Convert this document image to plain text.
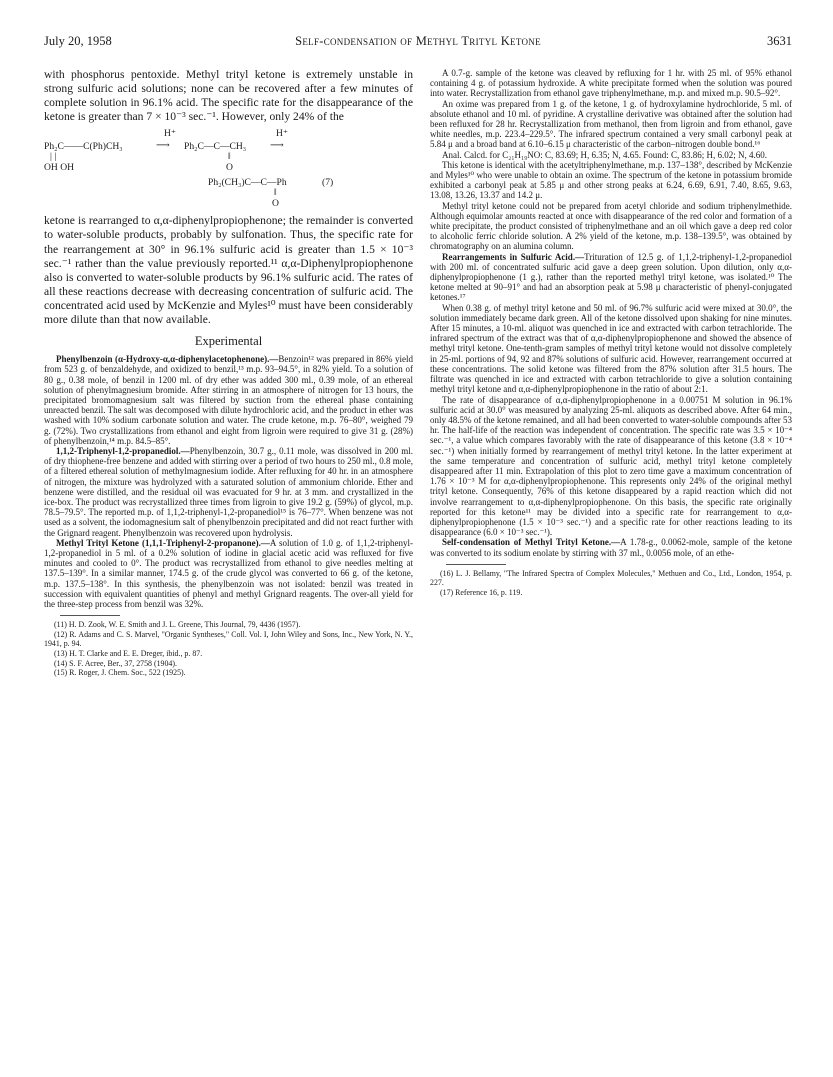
July 20, 1958	Self-condensation of Methyl Trityl Ketone	3631

with phosphorus pentoxide. Methyl trityl ketone is extremely unstable in strong sulfuric acid solutions; none can be recovered after a few minutes of complete solution in 96.1% acid. The specific rate for the disappearance of the ketone is greater than 7 × 10⁻³ sec.⁻¹. However, only 24% of the

H⁺	H⁺
Ph₂C——C(Ph)CH₃	⟶ Ph₂C—C—CH₃ ⟶
| |
OH OH
‖
O
Ph₂(CH₃)C—C—Ph	(7)
‖
O

ketone is rearranged to α,α-diphenylpropiophenone; the remainder is converted to water-soluble products, probably by sulfonation. Thus, the specific rate for the rearrangement at 30° in 96.1% sulfuric acid is greater than 1.5 × 10⁻³ sec.⁻¹ rather than the value previously reported.¹¹ α,α-Diphenylpropiophenone also is converted to water-soluble products by 96.1% sulfuric acid. The rates of all these reactions decrease with decreasing concentration of sulfuric acid. The concentrated acid used by McKenzie and Myles¹⁰ must have been considerably more dilute than that now available.

Experimental

Phenylbenzoin (α-Hydroxy-α,α-diphenylacetophenone).—Benzoin¹² was prepared in 86% yield from 523 g. of benzaldehyde, and oxidized to benzil,¹³ m.p. 93–94.5°, in 82% yield. To a solution of 80 g., 0.38 mole, of benzil in 1200 ml. of dry ether was added 300 ml., 0.39 mole, of an ethereal solution of phenylmagnesium bromide. After stirring in an atmosphere of nitrogen for 13 hours, the precipitated bromomagnesium salt was filtered by suction from the ethereal phase containing unreacted benzil. The salt was decomposed with dilute hydrochloric acid, and the product in ether was washed with 10% sodium carbonate solution and water. The crude ketone, m.p. 76–80°, weighed 79 g. (72%). Two crystallizations from ethanol and eight from ligroin were required to give 31 g. (28%) of phenylbenzoin,¹⁴ m.p. 84.5–85°.

1,1,2-Triphenyl-1,2-propanediol.—Phenylbenzoin, 30.7 g., 0.11 mole, was dissolved in 200 ml. of dry thiophene-free benzene and added with stirring over a period of two hours to 250 ml., 0.8 mole, of a filtered ethereal solution of methylmagnesium iodide. After refluxing for 40 hr. in an atmosphere of nitrogen, the mixture was hydrolyzed with a saturated solution of ammonium chloride. Ether and benzene were distilled, and the residual oil was evacuated for 9 hr. at 3 mm. and crystallized in the ice-box. The product was recrystallized three times from ligroin to give 19.2 g. (59%) of glycol, m.p. 78.5–79.5°. The reported m.p. of 1,1,2-triphenyl-1,2-propanediol¹⁵ is 76–77°. When benzene was not used as a solvent, the iodomagnesium salt of phenylbenzoin precipitated and did not react further with the Grignard reagent. Phenylbenzoin was recovered upon hydrolysis.

Methyl Trityl Ketone (1,1,1-Triphenyl-2-propanone).—A solution of 1.0 g. of 1,1,2-triphenyl-1,2-propanediol in 5 ml. of a 0.2% solution of iodine in glacial acetic acid was refluxed for five minutes and cooled to 0°. The product was recrystallized from ethanol to give needles melting at 137.5–139°. In a similar manner, 174.5 g. of the crude glycol was converted to 66 g. of the ketone, m.p. 137.5–138°. In this synthesis, the phenylbenzoin was not isolated: benzil was treated in succession with equivalent quantities of phenyl and methyl Grignard reagents. The over-all yield for the three-step process from benzil was 32%.

(11) H. D. Zook, W. E. Smith and J. L. Greene, This Journal, 79, 4436 (1957).

(12) R. Adams and C. S. Marvel, "Organic Syntheses," Coll. Vol. I, John Wiley and Sons, Inc., New York, N. Y., 1941, p. 94.

(13) H. T. Clarke and E. E. Dreger, ibid., p. 87.

(14) S. F. Acree, Ber., 37, 2758 (1904).

(15) R. Roger, J. Chem. Soc., 522 (1925).

A 0.7-g. sample of the ketone was cleaved by refluxing for 1 hr. with 25 ml. of 95% ethanol containing 4 g. of potassium hydroxide. A white precipitate formed when the solution was poured into water. Recrystallization from ethanol gave triphenylmethane, m.p. and mixed m.p. 90.5–92°.

An oxime was prepared from 1 g. of the ketone, 1 g. of hydroxylamine hydrochloride, 5 ml. of absolute ethanol and 10 ml. of pyridine. A crystalline derivative was obtained after the solution had been refluxed for 28 hr. Recrystallization from methanol, then from ligroin and from ethanol, gave white needles, m.p. 223.4–229.5°. The infrared spectrum contained a very small carbonyl peak at 5.84 μ and a broad band at 6.10–6.15 μ characteristic of the carbon–nitrogen double bond.¹⁶

Anal. Calcd. for C₂₁H₁₉NO: C, 83.69; H, 6.35; N, 4.65. Found: C, 83.86; H, 6.02; N, 4.60.

This ketone is identical with the acetyltriphenylmethane, m.p. 137–138°, described by McKenzie and Myles¹⁰ who were unable to obtain an oxime. The spectrum of the ketone in potassium bromide exhibited a carbonyl peak at 5.85 μ and other strong peaks at 6.24, 6.69, 6.91, 7.40, 8.65, 9.63, 13.08, 13.26, 13.37 and 14.2 μ.

Methyl trityl ketone could not be prepared from acetyl chloride and sodium triphenylmethide. Although equimolar amounts reacted at once with disappearance of the red color and formation of a white precipitate, the product consisted of triphenylmethane and an oil which gave a deep red color to alcoholic ferric chloride solution. A 2% yield of the ketone, m.p. 138–139.5°, was obtained by chromatography on an alumina column.

Rearrangements in Sulfuric Acid.—Trituration of 12.5 g. of 1,1,2-triphenyl-1,2-propanediol with 200 ml. of concentrated sulfuric acid gave a deep green solution. Upon dilution, only α,α-diphenylpropiophenone (1 g.), rather than the reported methyl trityl ketone, was isolated.¹⁰ The ketone melted at 90–91° and had an absorption peak at 5.98 μ characteristic of phenyl-conjugated ketones.¹⁷

When 0.38 g. of methyl trityl ketone and 50 ml. of 96.7% sulfuric acid were mixed at 30.0°, the solution immediately became dark green. All of the ketone dissolved upon shaking for nine minutes. After 15 minutes, a 10-ml. aliquot was quenched in ice and extracted with carbon tetrachloride. The infrared spectrum of the extract was that of α,α-diphenylpropiophenone and showed the absence of methyl trityl ketone. One-tenth-gram samples of methyl trityl ketone would not dissolve completely in 25-ml. portions of 94, 92 and 87% solutions of sulfuric acid. However, rearrangement occurred at these concentrations. The solid ketone was filtered from the 87% solution after 31.5 hours. The filtrate was quenched in ice and extracted with carbon tetrachloride to give a solution containing methyl trityl ketone and α,α-diphenylpropiophenone in the ratio of about 2:1.

The rate of disappearance of α,α-diphenylpropiophenone in a 0.00751 M solution in 96.1% sulfuric acid at 30.0° was measured by analyzing 25-ml. aliquots as described above. After 64 min., only 48.5% of the ketone remained, and all had been converted to water-soluble compounds after 53 hr. The half-life of the reaction was independent of concentration. The specific rate was 3.5 × 10⁻⁴ sec.⁻¹, a value which compares favorably with the rate of disappearance of this ketone (3.8 × 10⁻⁴ sec.⁻¹) when initially formed by rearrangement of methyl trityl ketone. In the latter experiment at the same temperature and concentration of sulfuric acid, methyl trityl ketone completely disappeared after 11 min. Extrapolation of this plot to zero time gave a maximum concentration of 1.76 × 10⁻³ M for α,α-diphenylpropiophenone. This represents only 24% of the original methyl trityl ketone. Consequently, 76% of this ketone disappeared by a rapid reaction which did not involve rearrangement to α,α-diphenylpropiophenone. On this basis, the specific rate originally reported for this ketone¹¹ may be divided into a specific rate for rearrangement to α,α-diphenylpropiophenone (1.5 × 10⁻³ sec.⁻¹) and a specific rate for other reactions leading to its disappearance (6.0 × 10⁻³ sec.⁻¹).

Self-condensation of Methyl Trityl Ketone.—A 1.78-g., 0.0062-mole, sample of the ketone was converted to its sodium enolate by stirring with 37 ml., 0.0056 mole, of an ethe-

(16) L. J. Bellamy, "The Infrared Spectra of Complex Molecules," Methuen and Co., Ltd., London, 1954, p. 227.

(17) Reference 16, p. 119.
